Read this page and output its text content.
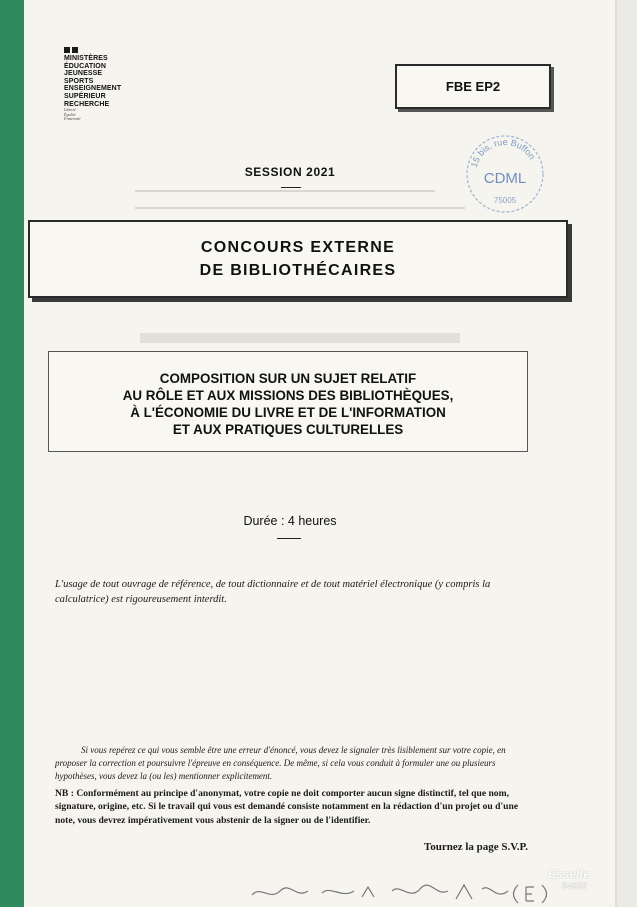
MINISTÈRES
ÉDUCATION
JEUNESSE
SPORTS
ENSEIGNEMENT
SUPÉRIEUR
RECHERCHE
Liberté
Égalité
Fraternité
FBE EP2
15 bis, rue Buffon
CDML
75005
SESSION 2021
CONCOURS EXTERNE
DE BIBLIOTHÉCAIRES
COMPOSITION SUR UN SUJET RELATIF
AU RÔLE ET AUX MISSIONS DES BIBLIOTHÈQUES,
À L'ÉCONOMIE DU LIVRE ET DE L'INFORMATION
ET AUX PRATIQUES CULTURELLES
Durée : 4 heures
L'usage de tout ouvrage de référence, de tout dictionnaire et de tout matériel électronique (y compris la calculatrice) est rigoureusement interdit.
Si vous repérez ce qui vous semble être une erreur d'énoncé, vous devez le signaler très lisiblement sur votre copie, en proposer la correction et poursuivre l'épreuve en conséquence. De même, si cela vous conduit à formuler une ou plusieurs hypothèses, vous devez la (ou les) mentionner explicitement.
NB : Conformément au principe d'anonymat, votre copie ne doit comporter aucun signe distinctif, tel que nom, signature, origine, etc. Si le travail qui vous est demandé consiste notamment en la rédaction d'un projet ou d'une note, vous devrez impérativement vous abstenir de la signer ou de l'identifier.
Tournez la page S.V.P.
Esselte
54832
CONCOURS BIBLIOTHÉCAIRE (E)
